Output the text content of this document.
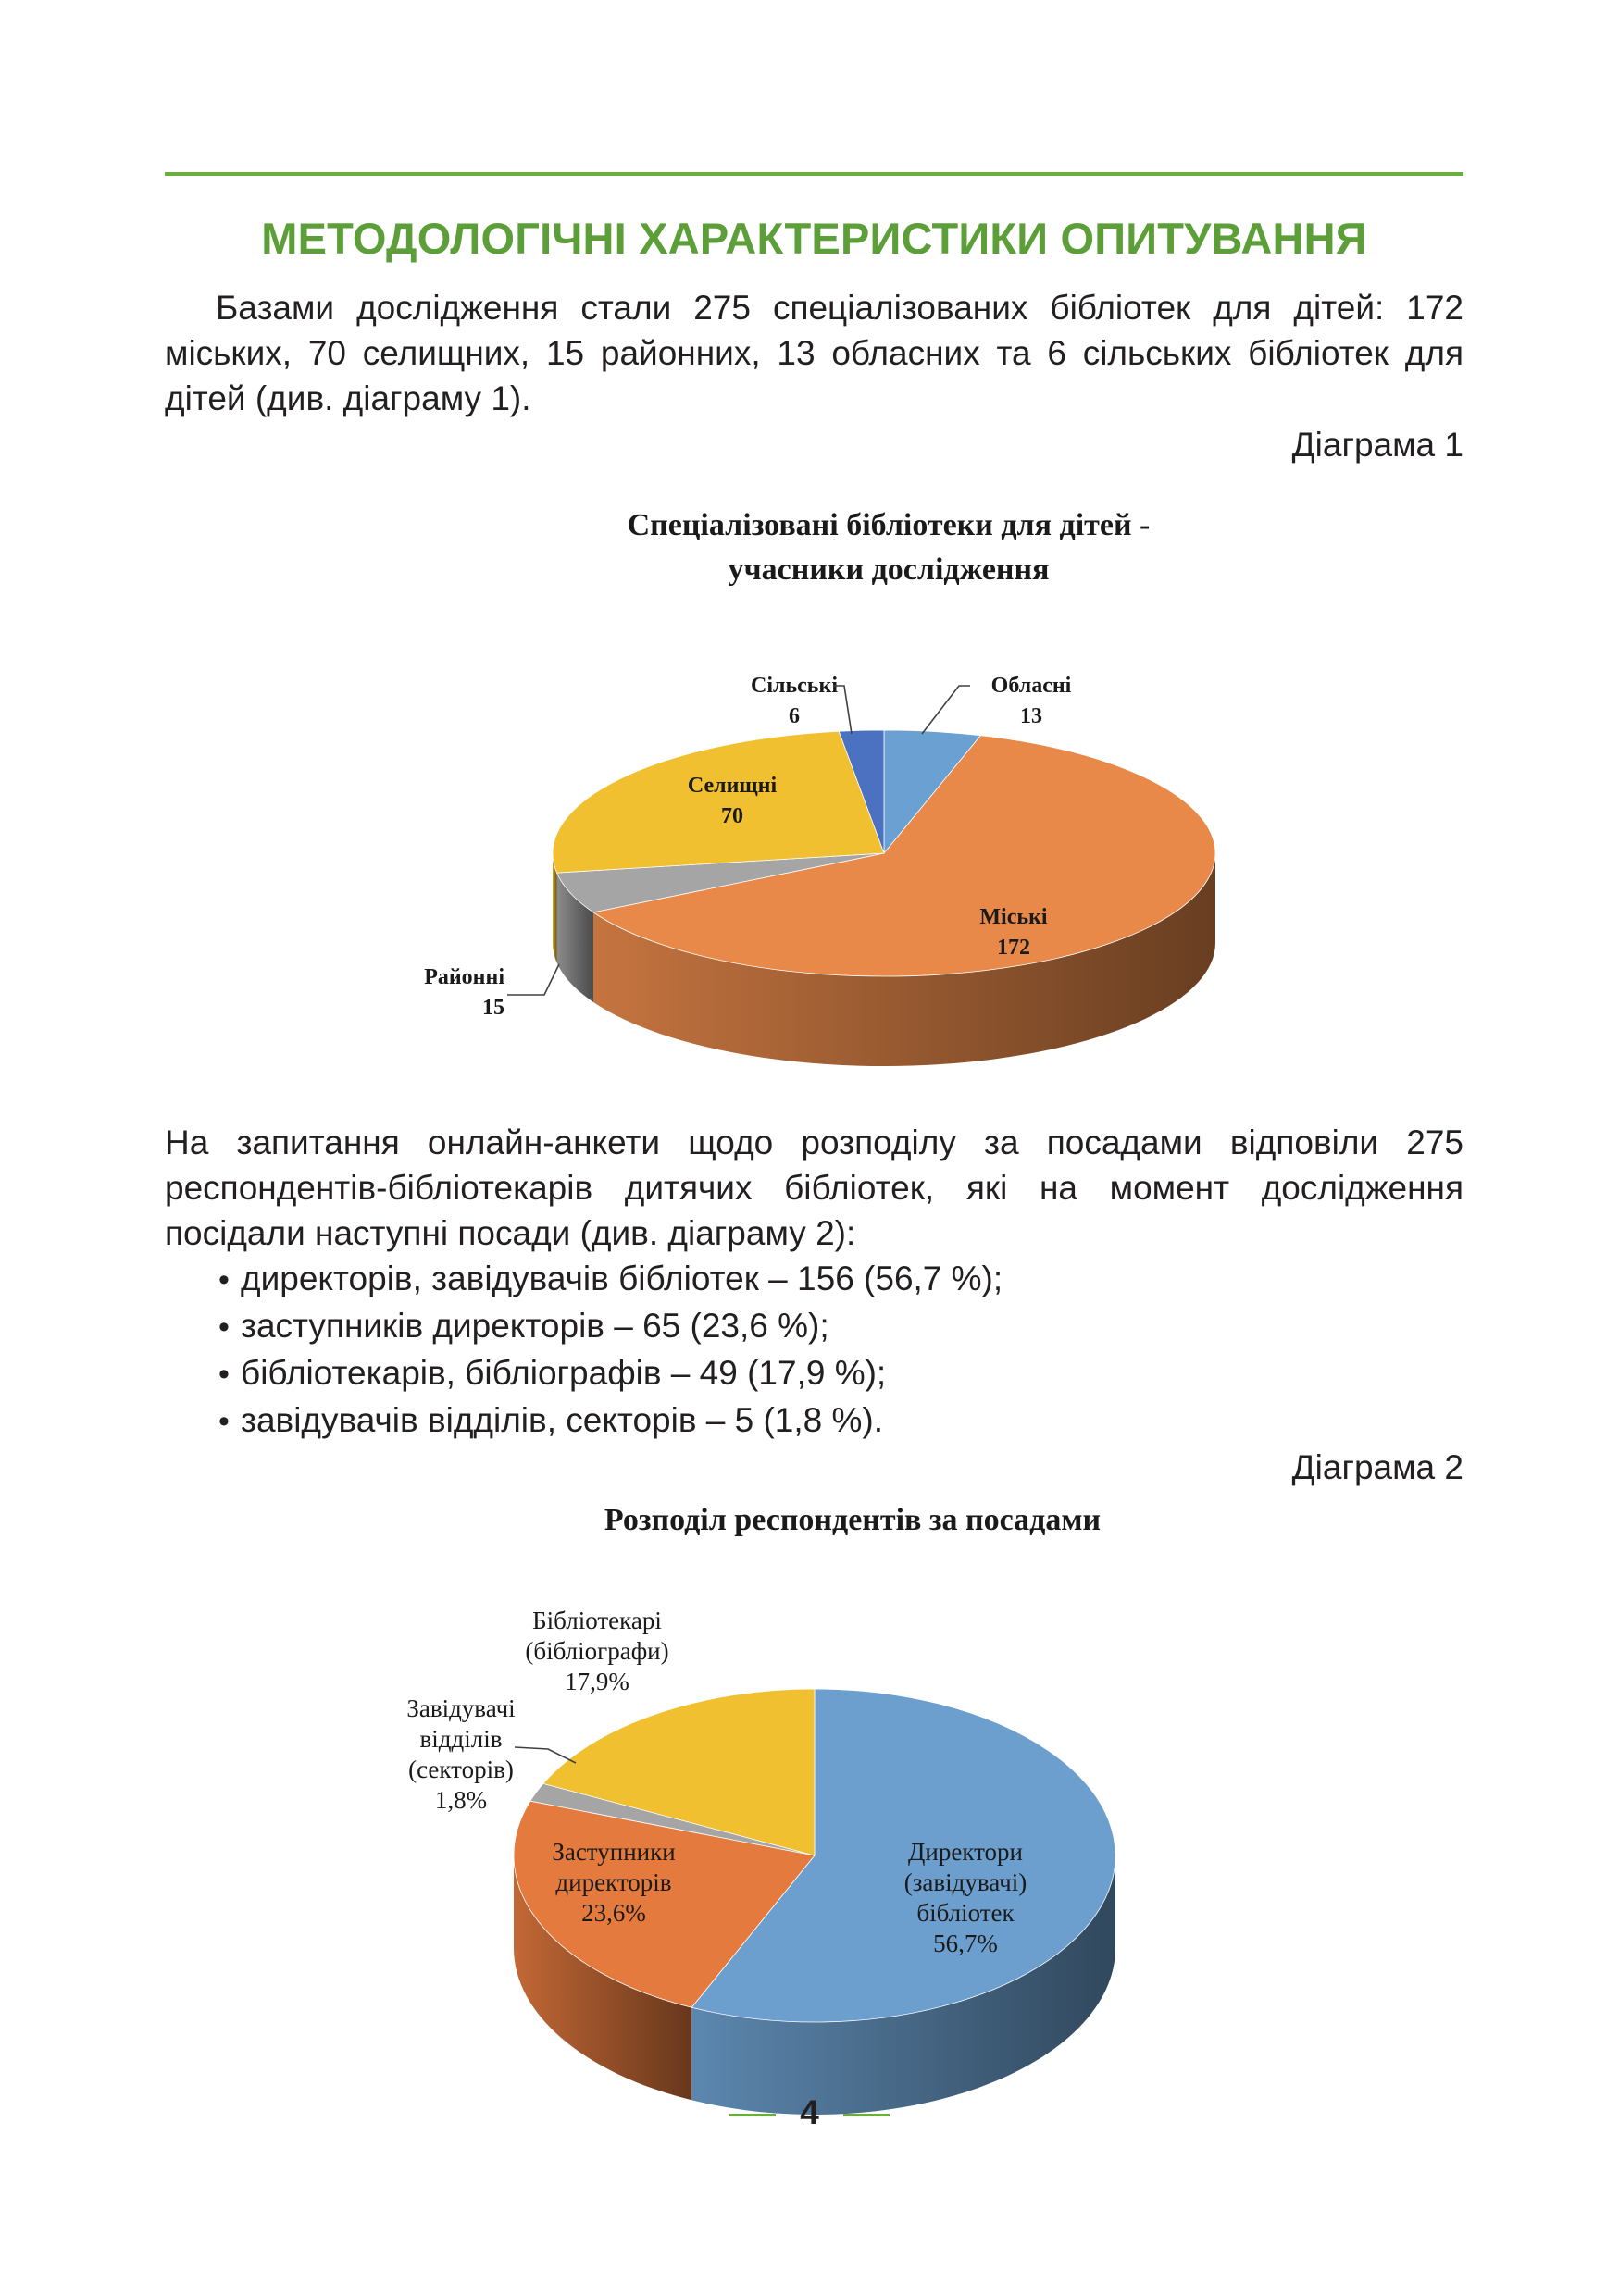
МЕТОДОЛОГІЧНІ ХАРАКТЕРИСТИКИ ОПИТУВАННЯ

Базами дослідження стали 275 спеціалізованих бібліотек для дітей: 172 міських, 70 селищних, 15 районних, 13 обласних та 6 сільських бібліотек для дітей (див. діаграму 1).

Діаграма 1

На запитання онлайн-анкети щодо розподілу за посадами відповіли 275 респондентів-бібліотекарів дитячих бібліотек, які на момент дослідження посідали наступні посади (див. діаграму 2):

• директорів, завідувачів бібліотек – 156 (56,7 %);
• заступників директорів – 65 (23,6 %);
• бібліотекарів, бібліографів – 49 (17,9 %);
• завідувачів відділів, секторів – 5 (1,8 %).

Діаграма 2

Спеціалізовані бібліотеки для дітей -учасники дослідження
Обласні 13
Міські 172
Районні 15
Селищні 70
Сільські 6
Розподіл респондентів за посадами
Директори (завідувачі) бібліотек 56,7%
Заступники директорів 23,6%
Завідувачі відділів (секторів) 1,8%
Бібліотекарі (бібліографи) 17,9%
4
